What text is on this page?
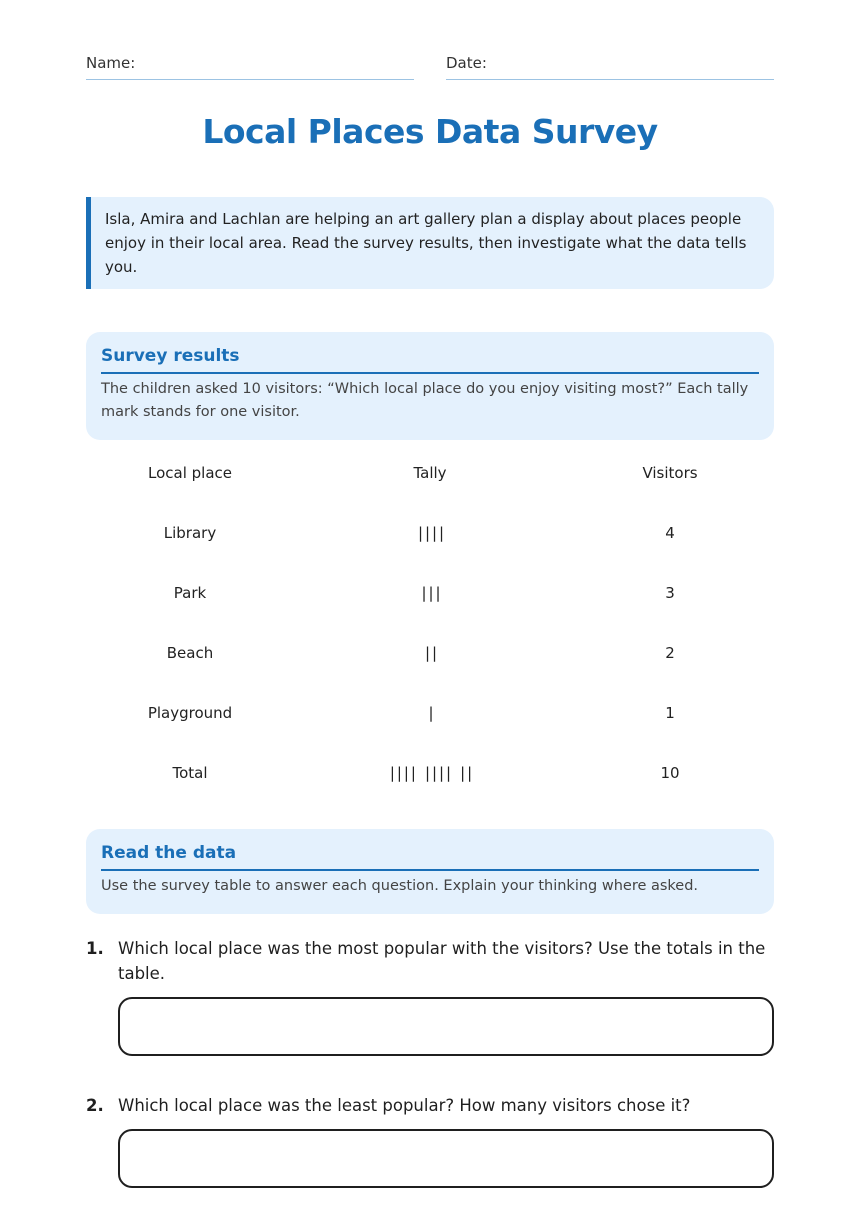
Name:	Date:
Local Places Data Survey
Isla, Amira and Lachlan are helping an art gallery plan a display about places people enjoy in their local area. Read the survey results, then investigate what the data tells you.
Survey results

The children asked 10 visitors: “Which local place do you enjoy visiting most?” Each tally mark stands for one visitor.

Local place	Tally	Visitors
Library	||||	4
Park	|||	3
Beach	||	2
Playground	|	1
Total	|||| |||| ||	10
Read the data

Use the survey table to answer each question. Explain your thinking where asked.

1. Which local place was the most popular with the visitors? Use the totals in the table.
2. Which local place was the least popular? How many visitors chose it?
